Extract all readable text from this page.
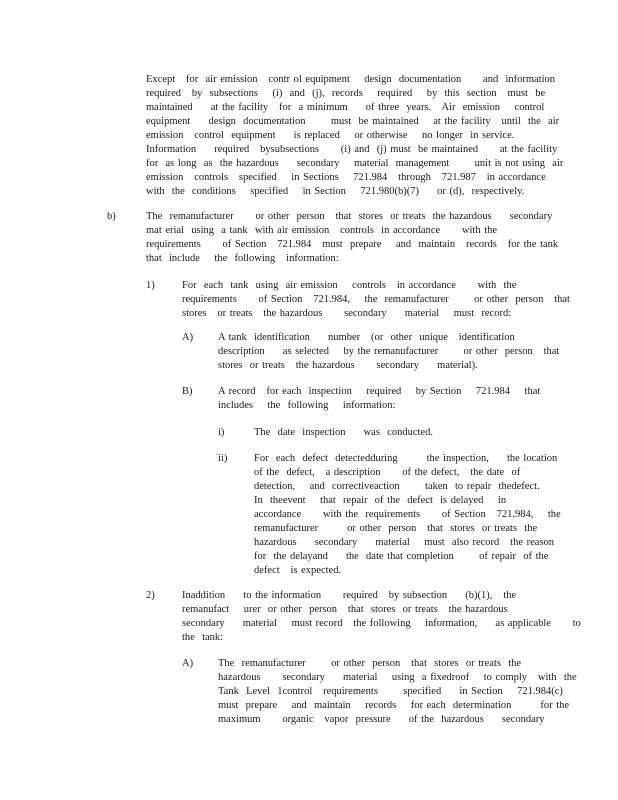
Except   for  air emission   contr ol equipment    design  documentation      and  information
required   by  subsections    (i)  and  (j),  records    required    by  this  section   must  be
maintained     at the facility   for  a minimum     of three  years.   Air  emission    control
equipment     design  documentation       must  be maintained    at the facility   until  the  air
emission   control  equipment     is replaced    or otherwise    no longer  in service.
Information     required   bysubsections      (i) and  (j) must  be maintained      at the facility
for  as long  as  the hazardous     secondary    material  management       unit is not using  air
emission   controls   specified    in Sections    721.984   through   721.987   in accordance
with  the  conditions    specified    in Section    721.980(b)(7)     or (d),  respectively.
b)	The  remanufacturer      or other  person   that  stores  or treats  the hazardous     secondary
mat erial  using  a tank  with air emission   controls  in accordance      with the
requirements      of Section   721.984   must  prepare    and  maintain   records   for the tank
that  include    the  following   information:
1)	For  each  tank  using  air emission    controls   in accordance      with  the
requirements      of Section   721.984,    the  remanufacturer       or other  person   that
stores   or treats   the hazardous      secondary     material    must  record:
A) A tank  identification     number   (or  other  unique   identification
description     as selected    by the remanufacturer       or other  person   that
stores  or treats   the hazardous      secondary     material).
B) A record   for each  inspection    required    by Section    721.984    that
includes    the  following    information:
i)	The  date  inspection     was  conducted.
ii)	For  each  defect  detectedduring        the inspection,     the location
of the  defect,   a description      of the defect,   the date  of
detection,    and  correctiveaction       taken  to repair  thedefect.
In  theevent    that  repair  of the  defect  is delayed    in
accordance      with the  requirements      of Section   721.984,    the
remanufacturer        or other  person   that  stores  or treats  the
hazardous     secondary     material    must  also record   the reason
for  the delayand     the  date that completion       of repair  of the
defect   is expected.
2)	Inaddition     to the information      required   by subsection     (b)(1),   the
remanufact    urer  or other  person   that  stores  or treats   the hazardous
secondary     material    must record   the following    information,     as applicable      to
the  tank:
A) The  remanufacturer       or other  person   that  stores  or treats  the
hazardous      secondary     material    using  a fixedroof    to comply   with  the
Tank  Level  1control   requirements       specified     in Section    721.984(c)
must  prepare    and  maintain    records    for each  determination        for the
maximum      organic   vapor  pressure     of the  hazardous     secondary
